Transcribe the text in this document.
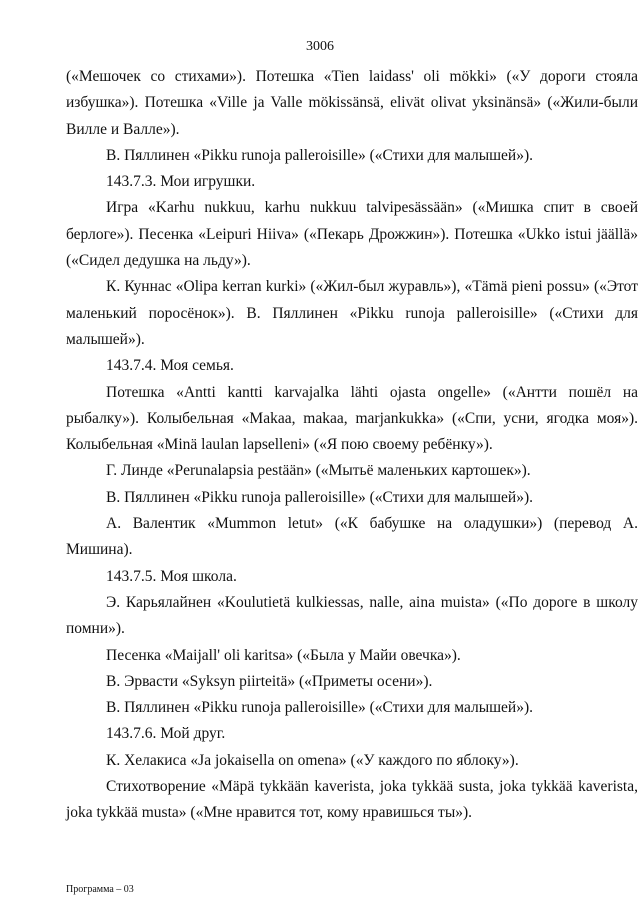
3006

(«Мешочек со стихами»). Потешка «Tien laidass' oli mökki» («У дороги стояла избушка»). Потешка «Ville ja Valle mökissänsä, elivät olivat yksinänsä» («Жили-были Вилле и Валле»).

В. Пяллинен «Pikku runoja palleroisille» («Стихи для малышей»).

143.7.3. Мои игрушки.

Игра «Karhu nukkuu, karhu nukkuu talvipesässään» («Мишка спит в своей берлоге»). Песенка «Leipuri Hiiva» («Пекарь Дрожжин»). Потешка «Ukko istui jäällä» («Сидел дедушка на льду»).

К. Куннас «Olipa kerran kurki» («Жил-был журавль»), «Tämä pieni possu» («Этот маленький поросёнок»). В. Пяллинен «Pikku runoja palleroisille» («Стихи для малышей»).

143.7.4. Моя семья.

Потешка «Antti kantti karvajalka lähti ojasta ongelle» («Антти пошёл на рыбалку»). Колыбельная «Makaa, makaa, marjankukka» («Спи, усни, ягодка моя»). Колыбельная «Minä laulan lapselleni» («Я пою своему ребёнку»).

Г. Линде «Perunalapsia pestään» («Мытьё маленьких картошек»).

В. Пяллинен «Pikku runoja palleroisille» («Стихи для малышей»).

А. Валентик «Mummon letut» («К бабушке на оладушки») (перевод А. Мишина).

143.7.5. Моя школа.

Э. Карьялайнен «Koulutietä kulkiessas, nalle, aina muista» («По дороге в школу помни»).

Песенка «Maijall' oli karitsa» («Была у Майи овечка»).

В. Эрвасти «Syksyn piirteitä» («Приметы осени»).

В. Пяллинен «Pikku runoja palleroisille» («Стихи для малышей»).

143.7.6. Мой друг.

К. Хелакиса «Ja jokaisella on omena» («У каждого по яблоку»).

Стихотворение «Mäpä tykkään kaverista, joka tykkää susta, joka tykkää kaverista, joka tykkää musta» («Мне нравится тот, кому нравишься ты»).

Программа – 03
